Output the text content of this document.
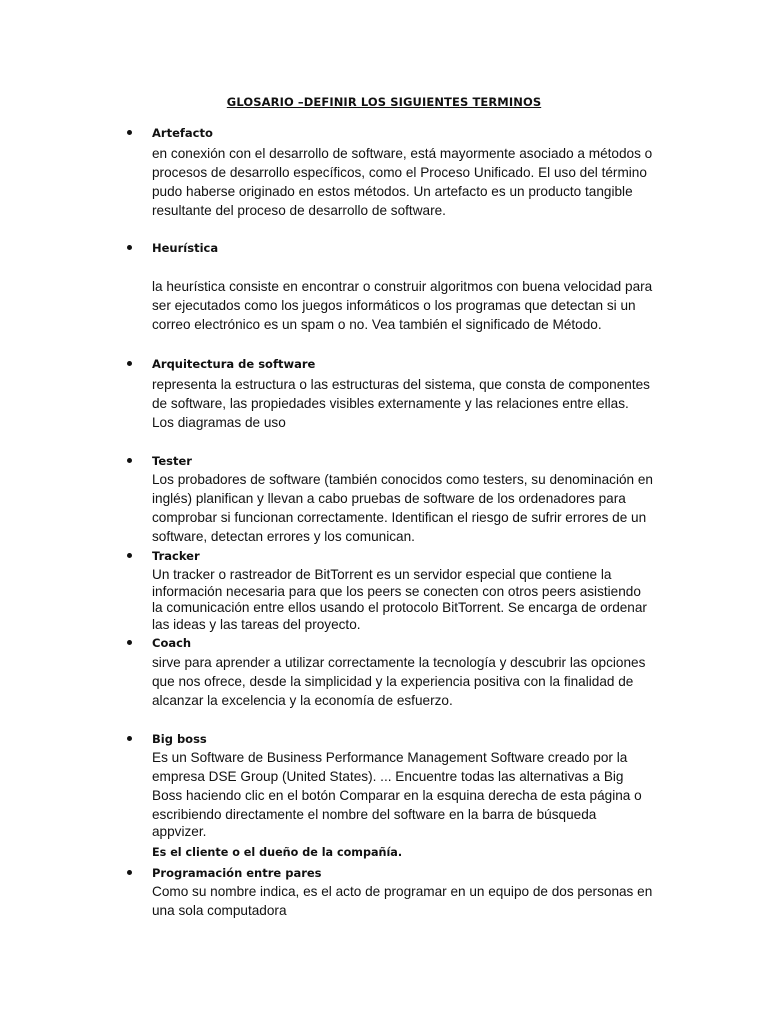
GLOSARIO –DEFINIR LOS SIGUIENTES TERMINOS
Artefacto
en conexión con el desarrollo de software, está mayormente asociado a métodos o
procesos de desarrollo específicos, como el Proceso Unificado. El uso del término
pudo haberse originado en estos métodos. Un artefacto es un producto tangible
resultante del proceso de desarrollo de software.
Heurística
la heurística consiste en encontrar o construir algoritmos con buena velocidad para
ser ejecutados como los juegos informáticos o los programas que detectan si un
correo electrónico es un spam o no. Vea también el significado de Método.
Arquitectura de software
representa la estructura o las estructuras del sistema, que consta de componentes
de software, las propiedades visibles externamente y las relaciones entre ellas.
Los diagramas de uso
Tester
Los probadores de software (también conocidos como testers, su denominación en
inglés) planifican y llevan a cabo pruebas de software de los ordenadores para
comprobar si funcionan correctamente. Identifican el riesgo de sufrir errores de un
software, detectan errores y los comunican.
Tracker
Un tracker o rastreador de BitTorrent es un servidor especial que contiene la
información necesaria para que los peers se conecten con otros peers asistiendo
la comunicación entre ellos usando el protocolo BitTorrent. Se encarga de ordenar
las ideas y las tareas del proyecto.
Coach
sirve para aprender a utilizar correctamente la tecnología y descubrir las opciones
que nos ofrece, desde la simplicidad y la experiencia positiva con la finalidad de
alcanzar la excelencia y la economía de esfuerzo.
Big boss
Es un Software de Business Performance Management Software creado por la
empresa DSE Group (United States). ... Encuentre todas las alternativas a Big
Boss haciendo clic en el botón Comparar en la esquina derecha de esta página o
escribiendo directamente el nombre del software en la barra de búsqueda
appvizer.
Es el cliente o el dueño de la compañía.
Programación entre pares
Como su nombre indica, es el acto de programar en un equipo de dos personas en
una sola computadora
